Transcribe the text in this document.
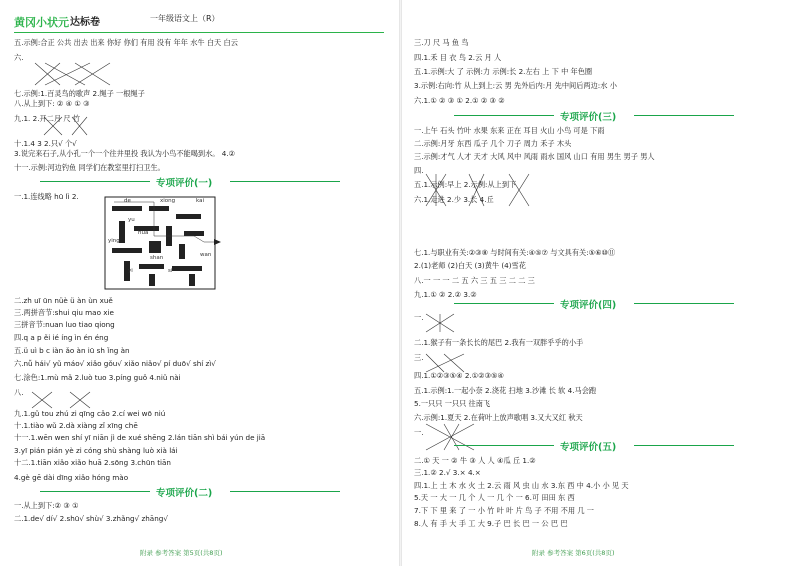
黄冈小状元 达标卷	一年级语文上（R）
de	xiong	kai
yu
ying
shan	wan
yi	si
hua
五.示例:合正 公共 出去 出来 你好 你们 有用 没有 年年 水牛 白天 白云
六.
七.示例:1.百灵鸟的歌声 2.绳子 一根绳子
八.从上到下: ② ④ ① ③
九.1. 2.开二月 尺 竹
十.1.4 3 2.只√ 个√
3.说完来石子,从小孔一个一个往井里投 我认为小鸟不能喝到水。 4.②
十一.示例:河边钓鱼 同学们在教室里打扫卫生。
一.1.连线略 hū lì 2.
二.zh uī ūn nüè ü àn ùn xuě
三.两拼音节:shui qiu mao xie
三拼音节:nuan luo tiao qiong
四.q a p ěi ié íng ìn én éng
五.ü uì b c iàn ǎo àn iū sh ǐng àn
六.nǚ hái√ yǔ máo√ xiǎo gǒu√ xiǎo niǎo√ pí duō√ shí zì√
七.涂色:1.mù mǎ 2.luò tuo 3.píng guǒ 4.niǔ nài
八.
九.1.gǔ tou zhú zi qīng cǎo 2.cí wei wō niú
十.1.tiào wǔ 2.dà xiàng zǐ xīng chē
十一.1.wēn wen shí yī niān jì de xué shēng 2.lán tiān shì bái yún de jiā
3.yī pián pián yè zi cóng shù shàng luò xià lái
十二.1.tiān xiǎo xiǎo huā 2.sōng 3.chūn tiān
4.gè gē dài dīng xiǎo hóng mào
一.从上到下:② ③ ①
二.1.de√ dí√ 2.shū√ shù√ 3.zhǎng√ zhāng√
专项评价(一)
专项评价(二)
附录 参考答案 第5页(共8页)
三.刀 尺 马 鱼 鸟
四.1.禾 目 衣 鸟 2.云 月 人
五.1.示例:大 了 示例:力 示例:长 2.左右 上 下 中 年色圈
3.示例:右向:竹 从上到上:云 男 先外后内:月 先中间后两边:水 小
六.1.① ② ③ ① 2.① ② ③ ②
一.上午 石头 竹叶 水果 东来 正在 耳目 火山 小鸟 可是 下雨
二.示例:月牙 东西 瓜子 几个 刀子 周力 禾子 木头
三.示例:才气 人才 天才 大风 风中 风雨 雨水 国风 山口 有用 男生 男子 男人
四.
五.1.示例:早上 2.示例:从上到下
六.1.走进 2.少 3.长 4.丘
七.1.与职业有关:②③⑧ 与时间有关:④⑤⑦ 与文具有关:⑤⑥⑩⑪
2.(1)老师 (2)白天 (3)黄牛 (4)雪花
八.一 一 一 二 五 六 三 五 三 二 二 三
九.1.① ② 2.② 3.②
一.
二.1.猴子有一条长长的尾巴 2.我有一双胖乎乎的小手
三.
四.1.①②③⑤④ 2.①②③⑤④
五.1.示例:1.一起小奈 2.浇花 扫地 3.沙滩 长 软 4.马会跑
5.一只只 一只只 往南飞
六.示例:1.夏天 2.在荷叶上放声歌唱 3.又大又红 秋天
一.
二.① 天 一 ② 牛 ③ 人 人 ④瓜 丘 1.②
三.1.② 2.√ 3.× 4.×
四.1.上 土 木 水 火 土 2.云 雨 风 虫 山 水 3.东 西 中 4.小 小 见 天
5.天 一 大 一 几 个 人 一 几 个 一 6.可 田田 东 西
7.下 下 里 来 了 一 小 竹 叶 叶 片 鸟 子 不用 不用 几 一
8.人 有 手 大 手 工 大 9.子 巴 长 巴 一 公 巴 巴
专项评价(三)
专项评价(四)
专项评价(五)
附录 参考答案 第6页(共8页)
